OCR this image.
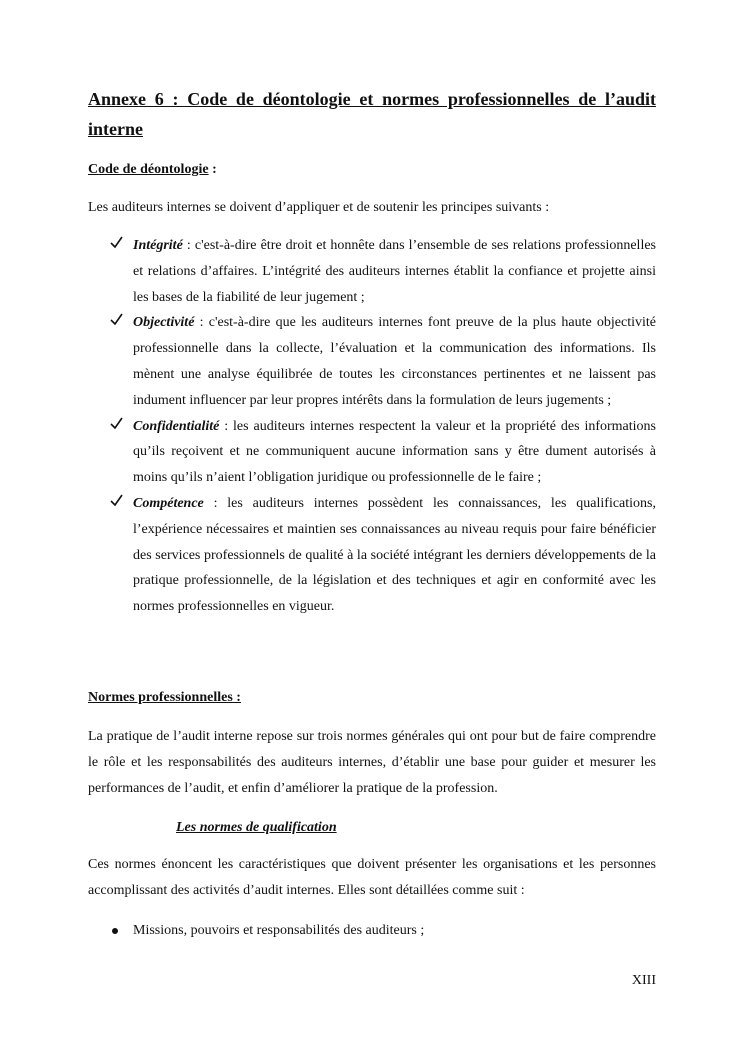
Annexe 6 : Code de déontologie et normes professionnelles de l’audit interne

Code de déontologie :

Les auditeurs internes se doivent d’appliquer et de soutenir les principes suivants :

Intégrité : c'est-à-dire être droit et honnête dans l’ensemble de ses relations professionnelles et relations d’affaires. L’intégrité des auditeurs internes établit la confiance et projette ainsi les bases de la fiabilité de leur jugement ;
Objectivité : c'est-à-dire que les auditeurs internes font preuve de la plus haute objectivité professionnelle dans la collecte, l’évaluation et la communication des informations. Ils mènent une analyse équilibrée de toutes les circonstances pertinentes et ne laissent pas indument influencer par leur propres intérêts dans la formulation de leurs jugements ;
Confidentialité : les auditeurs internes respectent la valeur et la propriété des informations qu’ils reçoivent et ne communiquent aucune information sans y être dument autorisés à moins qu’ils n’aient l’obligation juridique ou professionnelle de le faire ;
Compétence : les auditeurs internes possèdent les connaissances, les qualifications, l’expérience nécessaires et maintien ses connaissances au niveau requis pour faire bénéficier des services professionnels de qualité à la société intégrant les derniers développements de la pratique professionnelle, de la législation et des techniques et agir en conformité avec les normes professionnelles en vigueur.

Normes professionnelles :

La pratique de l’audit interne repose sur trois normes générales qui ont pour but de faire comprendre le rôle et les responsabilités des auditeurs internes, d’établir une base pour guider et mesurer les performances de l’audit, et enfin d’améliorer la pratique de la profession.

Les normes de qualification

Ces normes énoncent les caractéristiques que doivent présenter les organisations et les personnes accomplissant des activités d’audit internes. Elles sont détaillées comme suit :

Missions, pouvoirs et responsabilités des auditeurs ;

XIII
